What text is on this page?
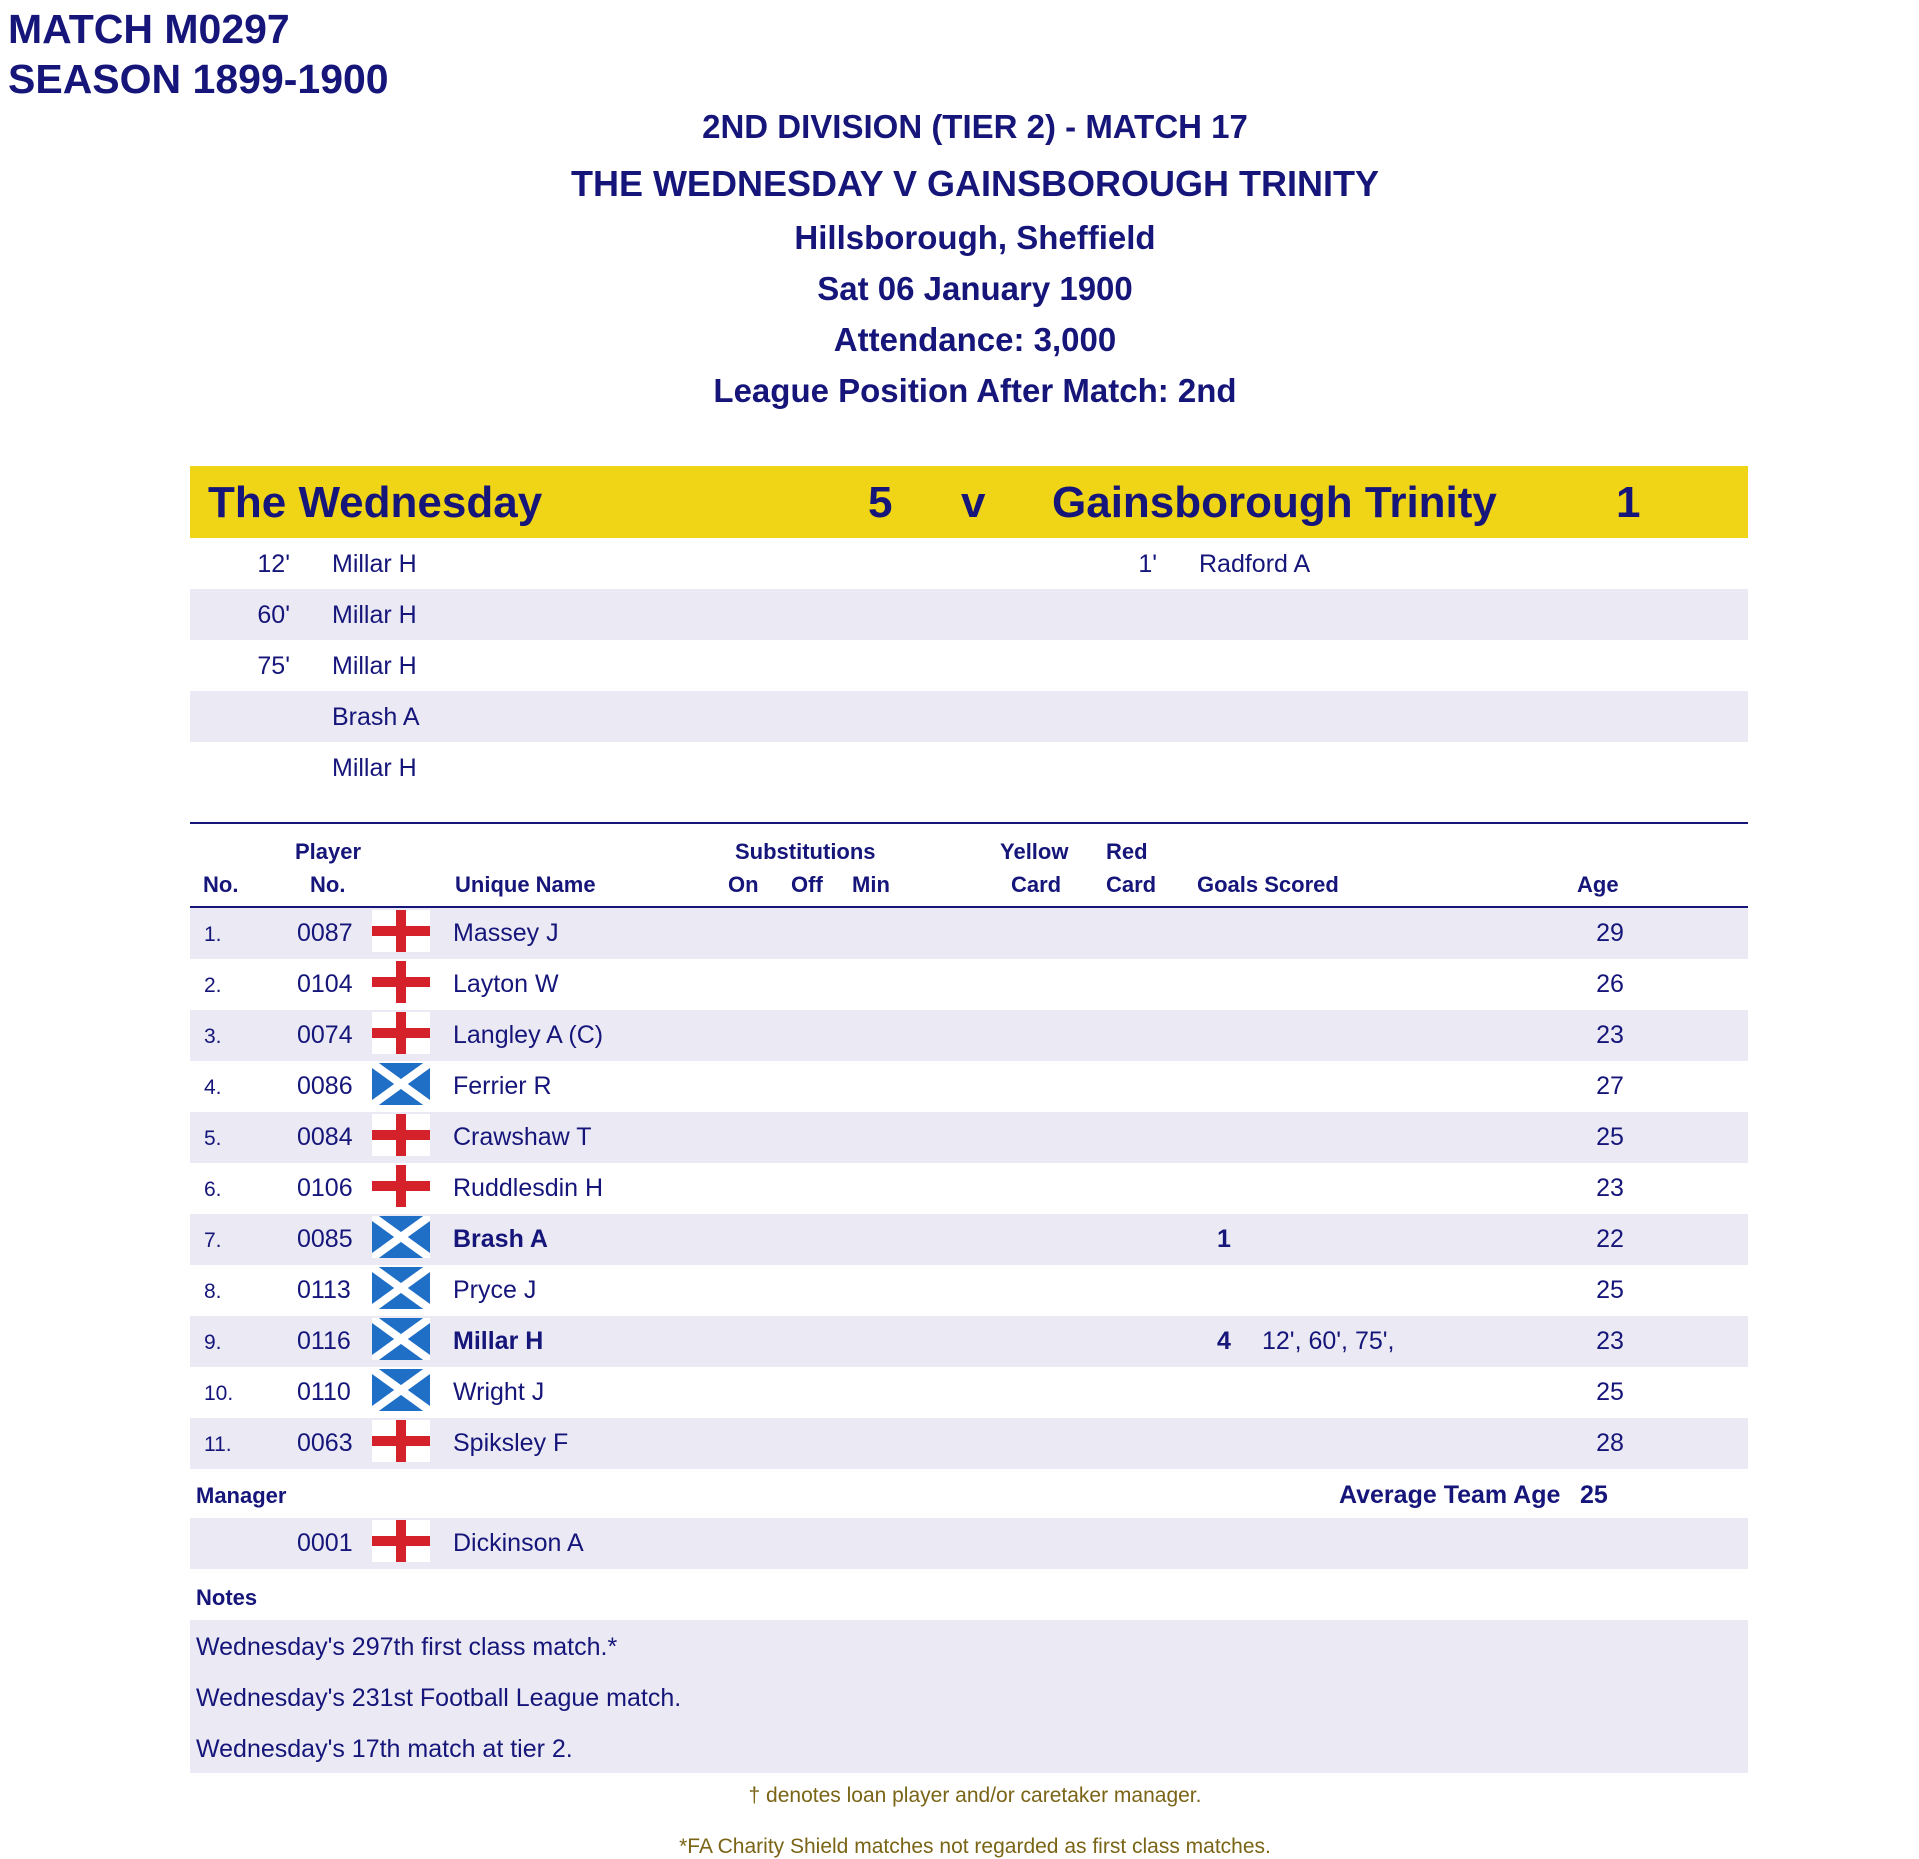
MATCH M0297
SEASON 1899-1900
2ND DIVISION (TIER 2) - MATCH 17
THE WEDNESDAY V GAINSBOROUGH TRINITY
Hillsborough, Sheffield
Sat 06 January 1900
Attendance: 3,000
League Position After Match: 2nd
The Wednesday	5 v Gainsborough Trinity	1
12' Millar H	1' Radford A
60' Millar H
75' Millar H
Brash A
Millar H
No.
Player
No.	Unique Name
Substitutions
On Off Min
Yellow
Card
Red
Card Goals Scored	Age
1.	0087	Massey J	29
2.	0104	Layton W	26
3.	0074	Langley A (C)	23
4.	0086	Ferrier R	27
5.	0084	Crawshaw T	25
6.	0106	Ruddlesdin H	23
7.	0085	Brash A	1	22
8.	0113	Pryce J	25
9.	0116	Millar H	4 12', 60', 75',	23
10.	0110	Wright J	25
11.	0063	Spiksley F	28
Manager	Average Team Age 25
0001	Dickinson A
Notes
Wednesday's 297th first class match.*
Wednesday's 231st Football League match.
Wednesday's 17th match at tier 2.
† denotes loan player and/or caretaker manager.
*FA Charity Shield matches not regarded as first class matches.
